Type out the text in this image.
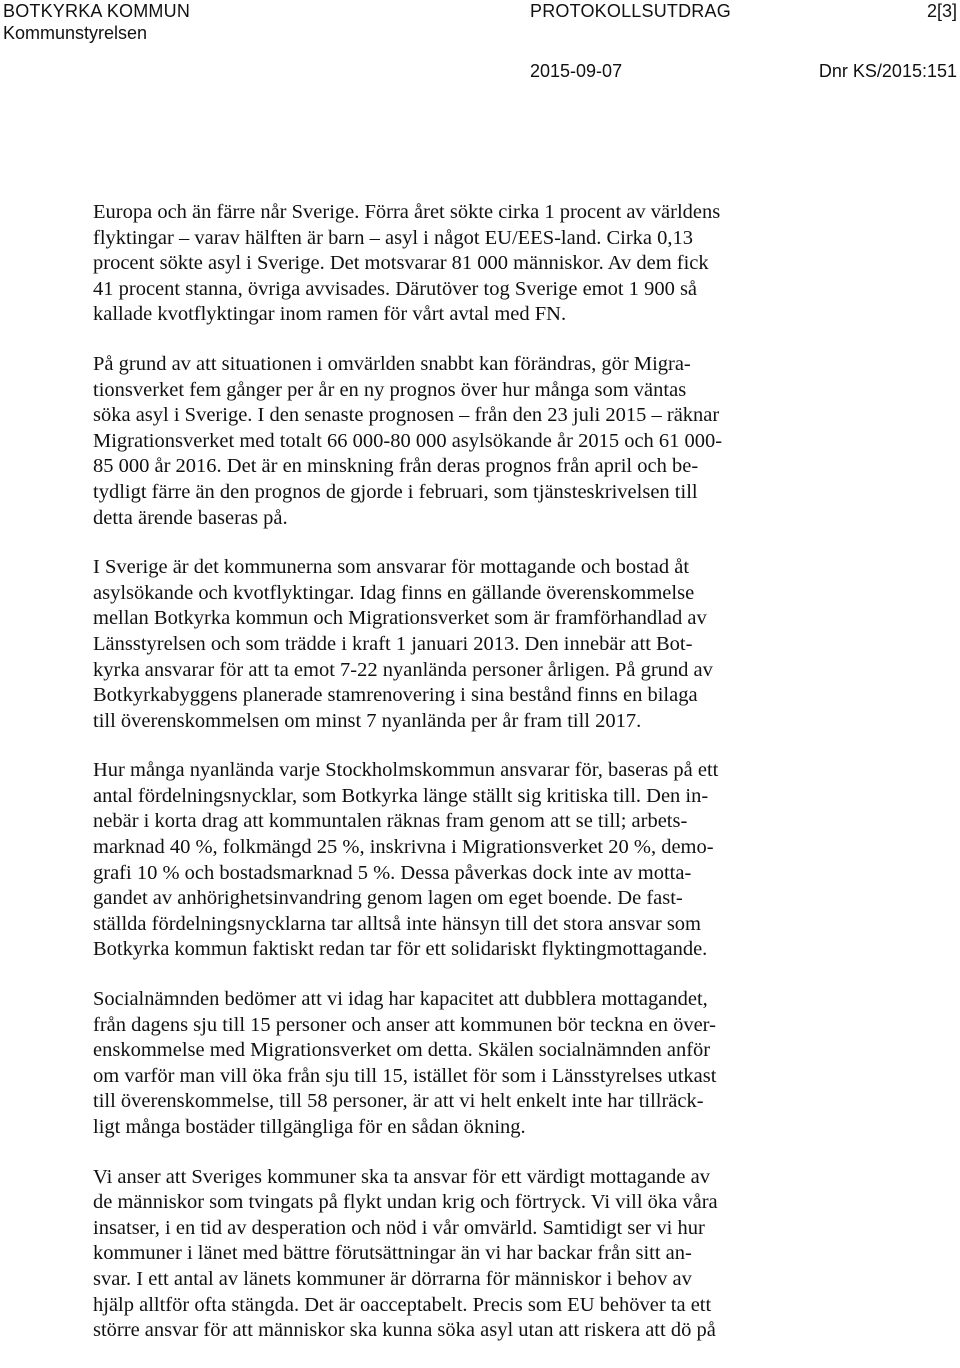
BOTKYRKA KOMMUN
Kommunstyrelsen
PROTOKOLLSUTDRAG	2[3]
2015-09-07	Dnr KS/2015:151

Europa och än färre når Sverige. Förra året sökte cirka 1 procent av världens
flyktingar – varav hälften är barn – asyl i något EU/EES-land. Cirka 0,13
procent sökte asyl i Sverige. Det motsvarar 81 000 människor. Av dem fick
41 procent stanna, övriga avvisades. Därutöver tog Sverige emot 1 900 så
kallade kvotflyktingar inom ramen för vårt avtal med FN.

På grund av att situationen i omvärlden snabbt kan förändras, gör Migra-
tionsverket fem gånger per år en ny prognos över hur många som väntas
söka asyl i Sverige. I den senaste prognosen – från den 23 juli 2015 – räknar
Migrationsverket med totalt 66 000-80 000 asylsökande år 2015 och 61 000-
85 000 år 2016. Det är en minskning från deras prognos från april och be-
tydligt färre än den prognos de gjorde i februari, som tjänsteskrivelsen till
detta ärende baseras på.

I Sverige är det kommunerna som ansvarar för mottagande och bostad åt
asylsökande och kvotflyktingar. Idag finns en gällande överenskommelse
mellan Botkyrka kommun och Migrationsverket som är framförhandlad av
Länsstyrelsen och som trädde i kraft 1 januari 2013. Den innebär att Bot-
kyrka ansvarar för att ta emot 7-22 nyanlända personer årligen. På grund av
Botkyrkabyggens planerade stamrenovering i sina bestånd finns en bilaga
till överenskommelsen om minst 7 nyanlända per år fram till 2017.

Hur många nyanlända varje Stockholmskommun ansvarar för, baseras på ett
antal fördelningsnycklar, som Botkyrka länge ställt sig kritiska till. Den in-
nebär i korta drag att kommuntalen räknas fram genom att se till; arbets-
marknad 40 %, folkmängd 25 %, inskrivna i Migrationsverket 20 %, demo-
grafi 10 % och bostadsmarknad 5 %. Dessa påverkas dock inte av motta-
gandet av anhörighetsinvandring genom lagen om eget boende. De fast-
ställda fördelningsnycklarna tar alltså inte hänsyn till det stora ansvar som
Botkyrka kommun faktiskt redan tar för ett solidariskt flyktingmottagande.

Socialnämnden bedömer att vi idag har kapacitet att dubblera mottagandet,
från dagens sju till 15 personer och anser att kommunen bör teckna en över-
enskommelse med Migrationsverket om detta. Skälen socialnämnden anför
om varför man vill öka från sju till 15, istället för som i Länsstyrelses utkast
till överenskommelse, till 58 personer, är att vi helt enkelt inte har tillräck-
ligt många bostäder tillgängliga för en sådan ökning.

Vi anser att Sveriges kommuner ska ta ansvar för ett värdigt mottagande av
de människor som tvingats på flykt undan krig och förtryck. Vi vill öka våra
insatser, i en tid av desperation och nöd i vår omvärld. Samtidigt ser vi hur
kommuner i länet med bättre förutsättningar än vi har backar från sitt an-
svar. I ett antal av länets kommuner är dörrarna för människor i behov av
hjälp alltför ofta stängda. Det är oacceptabelt. Precis som EU behöver ta ett
större ansvar för att människor ska kunna söka asyl utan att riskera att dö på
